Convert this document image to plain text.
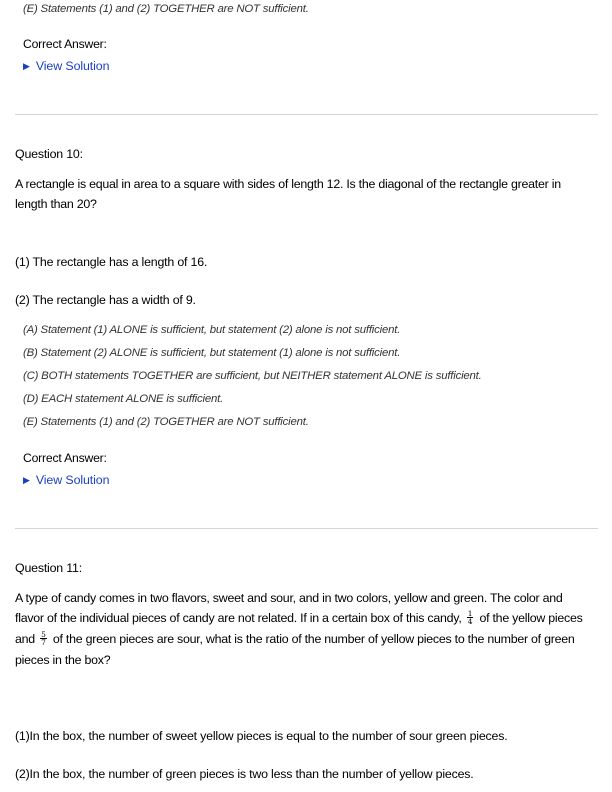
(E) Statements (1) and (2) TOGETHER are NOT sufficient.
Correct Answer:
▶ View Solution
Question 10:
A rectangle is equal in area to a square with sides of length 12. Is the diagonal of the rectangle greater in
length than 20?
(1) The rectangle has a length of 16.
(2) The rectangle has a width of 9.
(A) Statement (1) ALONE is sufficient, but statement (2) alone is not sufficient.
(B) Statement (2) ALONE is sufficient, but statement (1) alone is not sufficient.
(C) BOTH statements TOGETHER are sufficient, but NEITHER statement ALONE is sufficient.
(D) EACH statement ALONE is sufficient.
(E) Statements (1) and (2) TOGETHER are NOT sufficient.
Correct Answer:
▶ View Solution
Question 11:
A type of candy comes in two flavors, sweet and sour, and in two colors, yellow and green. The color and
flavor of the individual pieces of candy are not related. If in a certain box of this candy, $\frac{1}{4}$ of the yellow pieces
and $\frac{5}{7}$ of the green pieces are sour, what is the ratio of the number of yellow pieces to the number of green
pieces in the box?
(1)In the box, the number of sweet yellow pieces is equal to the number of sour green pieces.
(2)In the box, the number of green pieces is two less than the number of yellow pieces.
